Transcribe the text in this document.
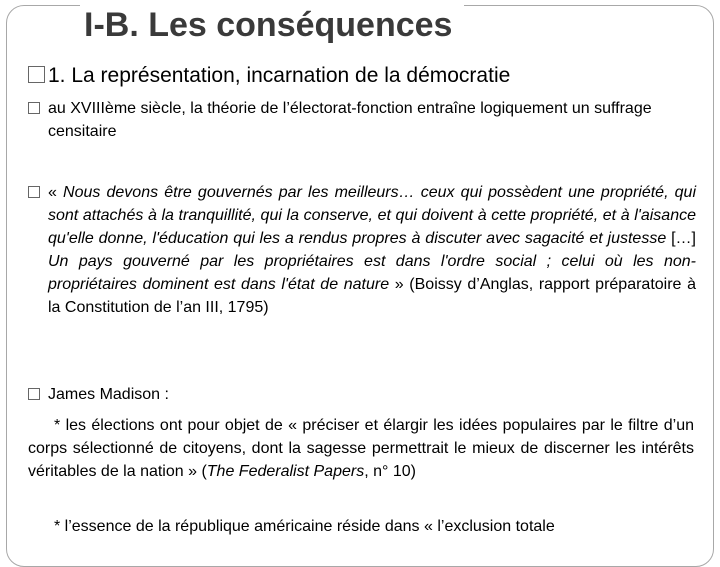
I-B. Les conséquences
1. La représentation, incarnation de la démocratie
au XVIIIème siècle, la théorie de l’électorat-fonction entraîne logiquement un suffrage censitaire
« Nous devons être gouvernés par les meilleurs… ceux qui possèdent une propriété, qui sont attachés à la tranquillité, qui la conserve, et qui doivent à cette propriété, et à l'aisance qu'elle donne, l'éducation qui les a rendus propres à discuter avec sagacité et justesse […] Un pays gouverné par les propriétaires est dans l'ordre social ; celui où les non-propriétaires dominent est dans l'état de nature » (Boissy d’Anglas, rapport préparatoire à la Constitution de l’an III, 1795)
James Madison :
* les élections ont pour objet de « préciser et élargir les idées populaires par le filtre d’un corps sélectionné de citoyens, dont la sagesse permettrait le mieux de discerner les intérêts véritables de la nation » (The Federalist Papers, n° 10)
* l’essence de la république américaine réside dans « l’exclusion totale
